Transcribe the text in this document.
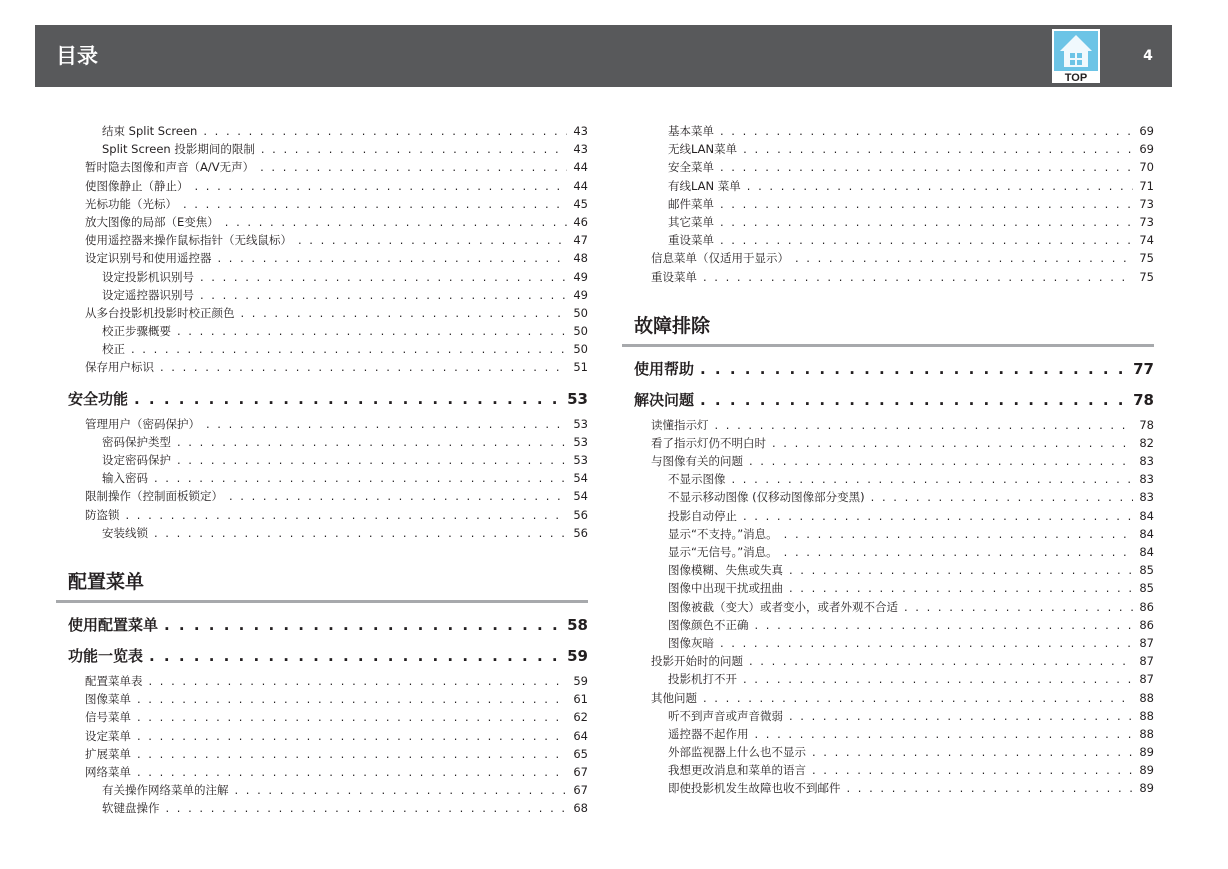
目录
TOP
4
结束 Split Screen . . .	43
Split Screen 投影期间的限制 . . .	43
暂时隐去图像和声音（A/V无声） . . .	44
使图像静止（静止） . . .	44
光标功能（光标） . . .	45
放大图像的局部（E变焦） . . .	46
使用遥控器来操作鼠标指针（无线鼠标） . . .	47
设定识别号和使用遥控器 . . .	48
设定投影机识别号 . . .	49
设定遥控器识别号 . . .	49
从多台投影机投影时校正颜色 . . .	50
校正步骤概要 . . .	50
校正 . . .	50
保存用户标识 . . .	51
安全功能 . . .	53
管理用户（密码保护） . . .	53
密码保护类型 . . .	53
设定密码保护 . . .	53
输入密码 . . .	54
限制操作（控制面板锁定） . . .	54
防盗锁 . . .	56
安装线锁 . . .	56
配置菜单
使用配置菜单 . . .	58
功能一览表 . . .	59
配置菜单表 . . .	59
图像菜单 . . .	61
信号菜单 . . .	62
设定菜单 . . .	64
扩展菜单 . . .	65
网络菜单 . . .	67
有关操作网络菜单的注解 . . .	67
软键盘操作 . . .	68
基本菜单 . . .	69
无线LAN菜单 . . .	69
安全菜单 . . .	70
有线LAN 菜单 . . .	71
邮件菜单 . . .	73
其它菜单 . . .	73
重设菜单 . . .	74
信息菜单（仅适用于显示） . . .	75
重设菜单 . . .	75
故障排除
使用帮助 . . .	77
解决问题 . . .	78
读懂指示灯 . . .	78
看了指示灯仍不明白时 . . .	82
与图像有关的问题 . . .	83
不显示图像 . . .	83
不显示移动图像 (仅移动图像部分变黑) . . .	83
投影自动停止 . . .	84
显示“不支持。”消息。 . . .	84
显示“无信号。”消息。 . . .	84
图像模糊、失焦或失真 . . .	85
图像中出现干扰或扭曲 . . .	85
图像被截（变大）或者变小，或者外观不合适 . . .	86
图像颜色不正确 . . .	86
图像灰暗 . . .	87
投影开始时的问题 . . .	87
投影机打不开 . . .	87
其他问题 . . .	88
听不到声音或声音微弱 . . .	88
遥控器不起作用 . . .	88
外部监视器上什么也不显示 . . .	89
我想更改消息和菜单的语言 . . .	89
即使投影机发生故障也收不到邮件 . . .	89
